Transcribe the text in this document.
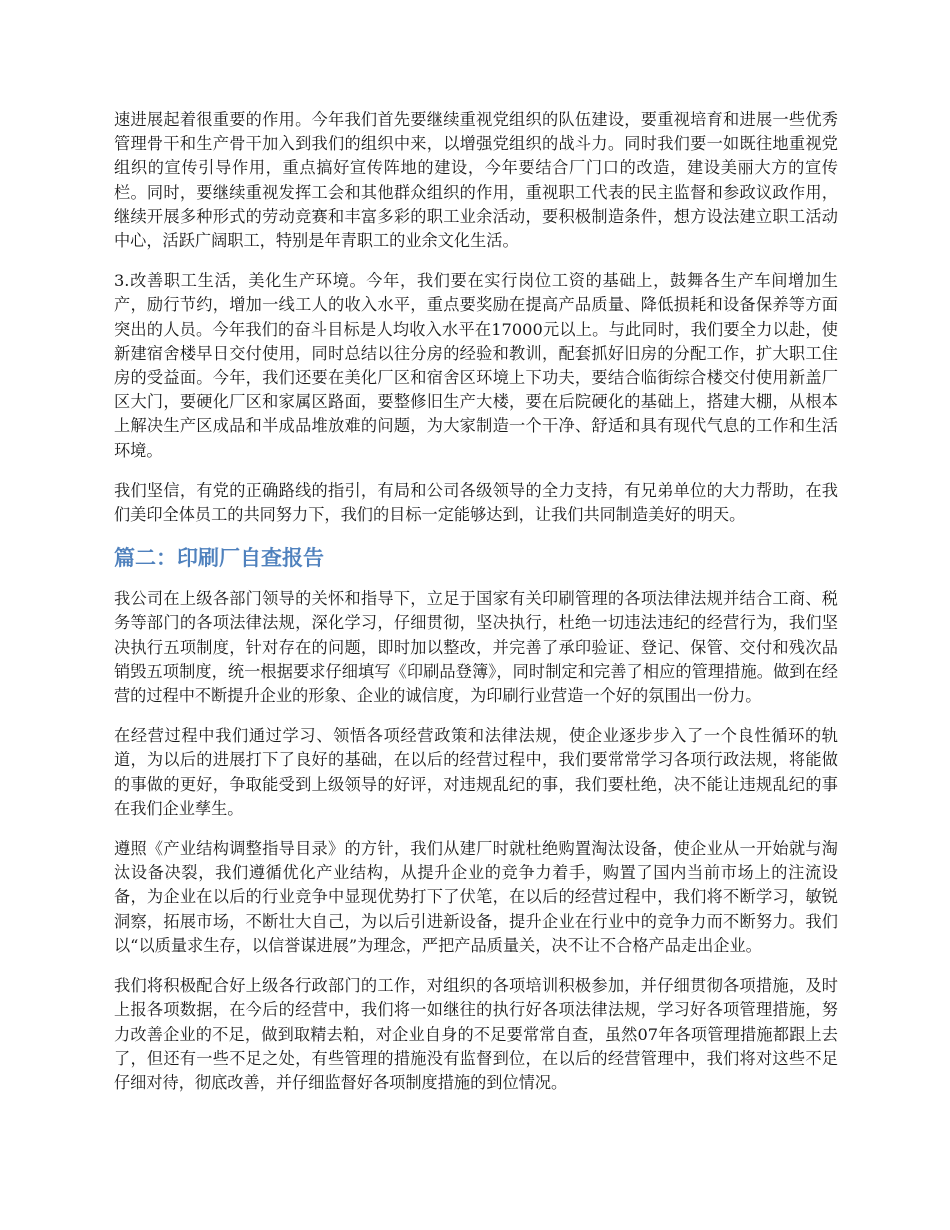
速进展起着很重要的作用。今年我们首先要继续重视党组织的队伍建设，要重视培育和进展一些优秀管理骨干和生产骨干加入到我们的组织中来，以增强党组织的战斗力。同时我们要一如既往地重视党组织的宣传引导作用，重点搞好宣传阵地的建设，今年要结合厂门口的改造，建设美丽大方的宣传栏。同时，要继续重视发挥工会和其他群众组织的作用，重视职工代表的民主监督和参政议政作用，继续开展多种形式的劳动竞赛和丰富多彩的职工业余活动，要积极制造条件，想方设法建立职工活动中心，活跃广阔职工，特别是年青职工的业余文化生活。

3.改善职工生活，美化生产环境。今年，我们要在实行岗位工资的基础上，鼓舞各生产车间增加生产，励行节约，增加一线工人的收入水平，重点要奖励在提高产品质量、降低损耗和设备保养等方面突出的人员。今年我们的奋斗目标是人均收入水平在17000元以上。与此同时，我们要全力以赴，使新建宿舍楼早日交付使用，同时总结以往分房的经验和教训，配套抓好旧房的分配工作，扩大职工住房的受益面。今年，我们还要在美化厂区和宿舍区环境上下功夫，要结合临街综合楼交付使用新盖厂区大门，要硬化厂区和家属区路面，要整修旧生产大楼，要在后院硬化的基础上，搭建大棚，从根本上解决生产区成品和半成品堆放难的问题，为大家制造一个干净、舒适和具有现代气息的工作和生活环境。

我们坚信，有党的正确路线的指引，有局和公司各级领导的全力支持，有兄弟单位的大力帮助，在我们美印全体员工的共同努力下，我们的目标一定能够达到，让我们共同制造美好的明天。

篇二：印刷厂自查报告

我公司在上级各部门领导的关怀和指导下，立足于国家有关印刷管理的各项法律法规并结合工商、税务等部门的各项法律法规，深化学习，仔细贯彻，坚决执行，杜绝一切违法违纪的经营行为，我们坚决执行五项制度，针对存在的问题，即时加以整改，并完善了承印验证、登记、保管、交付和残次品销毁五项制度，统一根据要求仔细填写《印刷品登簿》，同时制定和完善了相应的管理措施。做到在经营的过程中不断提升企业的形象、企业的诚信度，为印刷行业营造一个好的氛围出一份力。

在经营过程中我们通过学习、领悟各项经营政策和法律法规，使企业逐步步入了一个良性循环的轨道，为以后的进展打下了良好的基础，在以后的经营过程中，我们要常常学习各项行政法规，将能做的事做的更好，争取能受到上级领导的好评，对违规乱纪的事，我们要杜绝，决不能让违规乱纪的事在我们企业孳生。

遵照《产业结构调整指导目录》的方针，我们从建厂时就杜绝购置淘汰设备，使企业从一开始就与淘汰设备决裂，我们遵循优化产业结构，从提升企业的竞争力着手，购置了国内当前市场上的注流设备，为企业在以后的行业竞争中显现优势打下了伏笔，在以后的经营过程中，我们将不断学习，敏锐洞察，拓展市场，不断壮大自己，为以后引进新设备，提升企业在行业中的竞争力而不断努力。我们以“以质量求生存，以信誉谋进展”为理念，严把产品质量关，决不让不合格产品走出企业。

我们将积极配合好上级各行政部门的工作，对组织的各项培训积极参加，并仔细贯彻各项措施，及时上报各项数据，在今后的经营中，我们将一如继往的执行好各项法律法规，学习好各项管理措施，努力改善企业的不足，做到取精去粕，对企业自身的不足要常常自查，虽然07年各项管理措施都跟上去了，但还有一些不足之处，有些管理的措施没有监督到位，在以后的经营管理中，我们将对这些不足仔细对待，彻底改善，并仔细监督好各项制度措施的到位情况。
